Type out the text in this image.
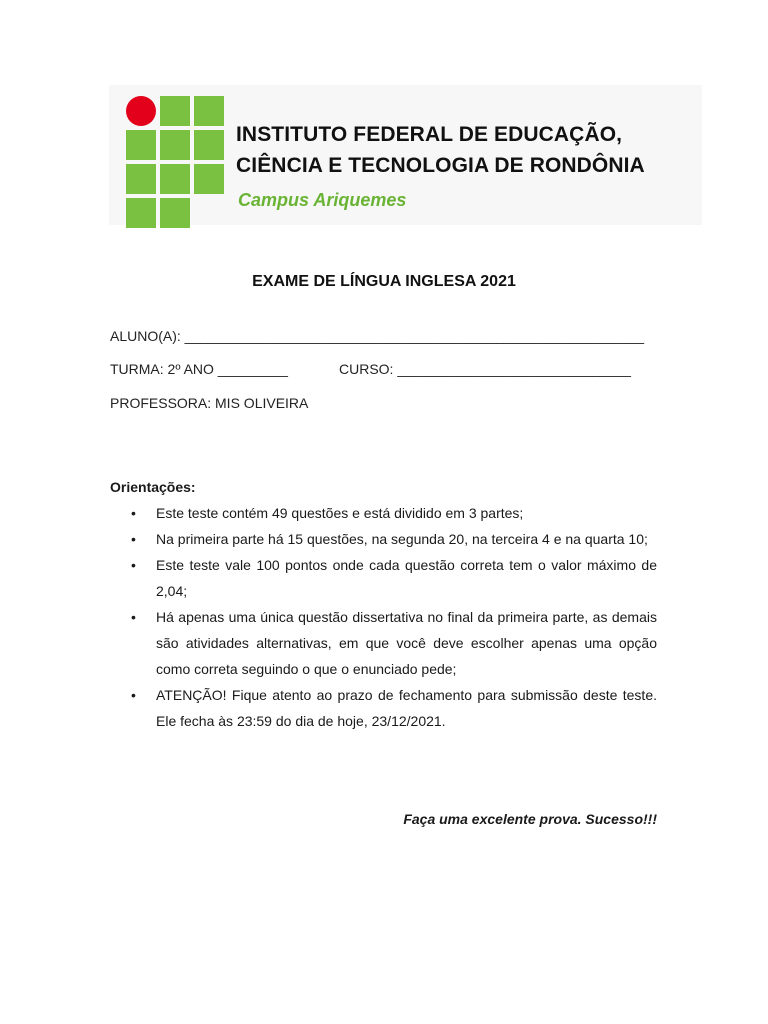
INSTITUTO FEDERAL DE EDUCAÇÃO,
CIÊNCIA E TECNOLOGIA DE RONDÔNIA
Campus Ariquemes
EXAME DE LÍNGUA INGLESA 2021
ALUNO(A): ___________________________________________________________
TURMA: 2º ANO _________	CURSO: ______________________________
PROFESSORA: MIS OLIVEIRA
Orientações:
• Este teste contém 49 questões e está dividido em 3 partes;
• Na primeira parte há 15 questões, na segunda 20, na terceira 4 e na quarta 10;
• Este teste vale 100 pontos onde cada questão correta tem o valor máximo de 2,04;
• Há apenas uma única questão dissertativa no final da primeira parte, as demais são atividades alternativas, em que você deve escolher apenas uma opção como correta seguindo o que o enunciado pede;
• ATENÇÃO! Fique atento ao prazo de fechamento para submissão deste teste. Ele fecha às 23:59 do dia de hoje, 23/12/2021.
Faça uma excelente prova. Sucesso!!!
